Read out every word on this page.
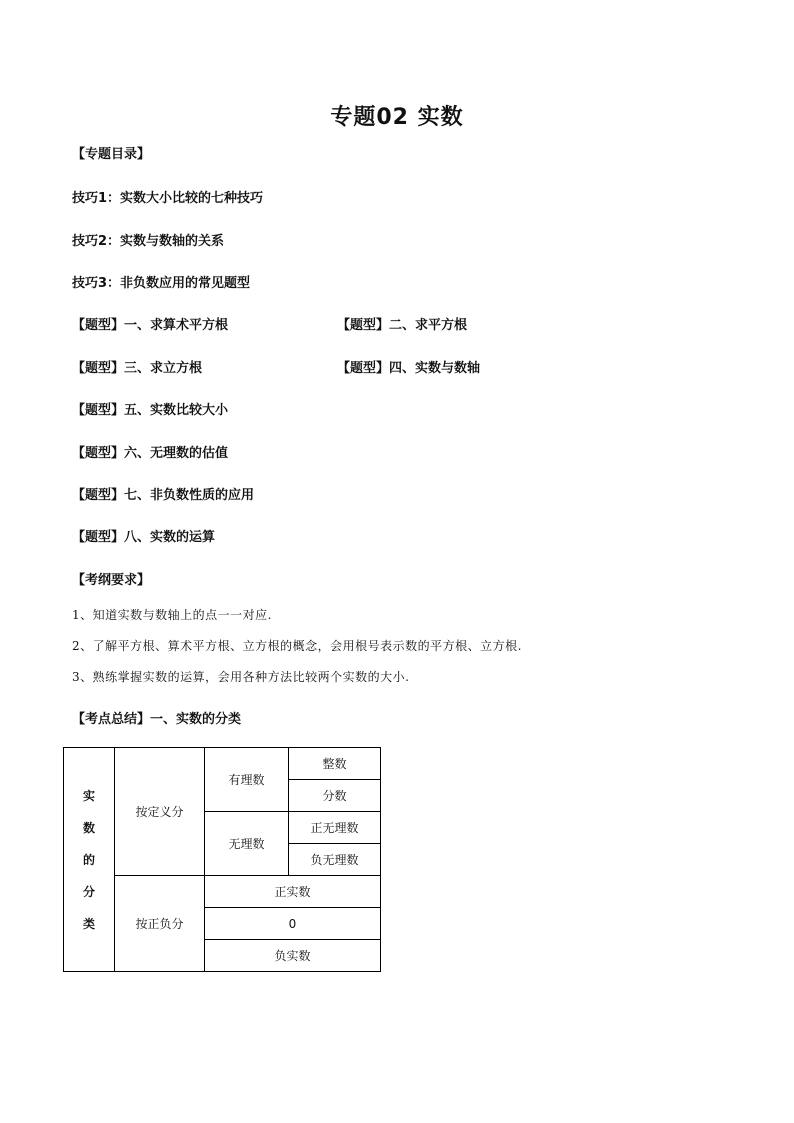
专题02 实数
【专题目录】
技巧1：实数大小比较的七种技巧
技巧2：实数与数轴的关系
技巧3：非负数应用的常见题型
【题型】一、求算术平方根	【题型】二、求平方根
【题型】三、求立方根	【题型】四、实数与数轴
【题型】五、实数比较大小
【题型】六、无理数的估值
【题型】七、非负数性质的应用
【题型】八、实数的运算
【考纲要求】
1、知道实数与数轴上的点一一对应.
2、了解平方根、算术平方根、立方根的概念，会用根号表示数的平方根、立方根.
3、熟练掌握实数的运算，会用各种方法比较两个实数的大小.
【考点总结】一、实数的分类
实
数
的
分
类	按定义分	有理数	整数
			分数
		无理数	正无理数
			负无理数
	按正负分	正实数	
		0	
		负实数	
